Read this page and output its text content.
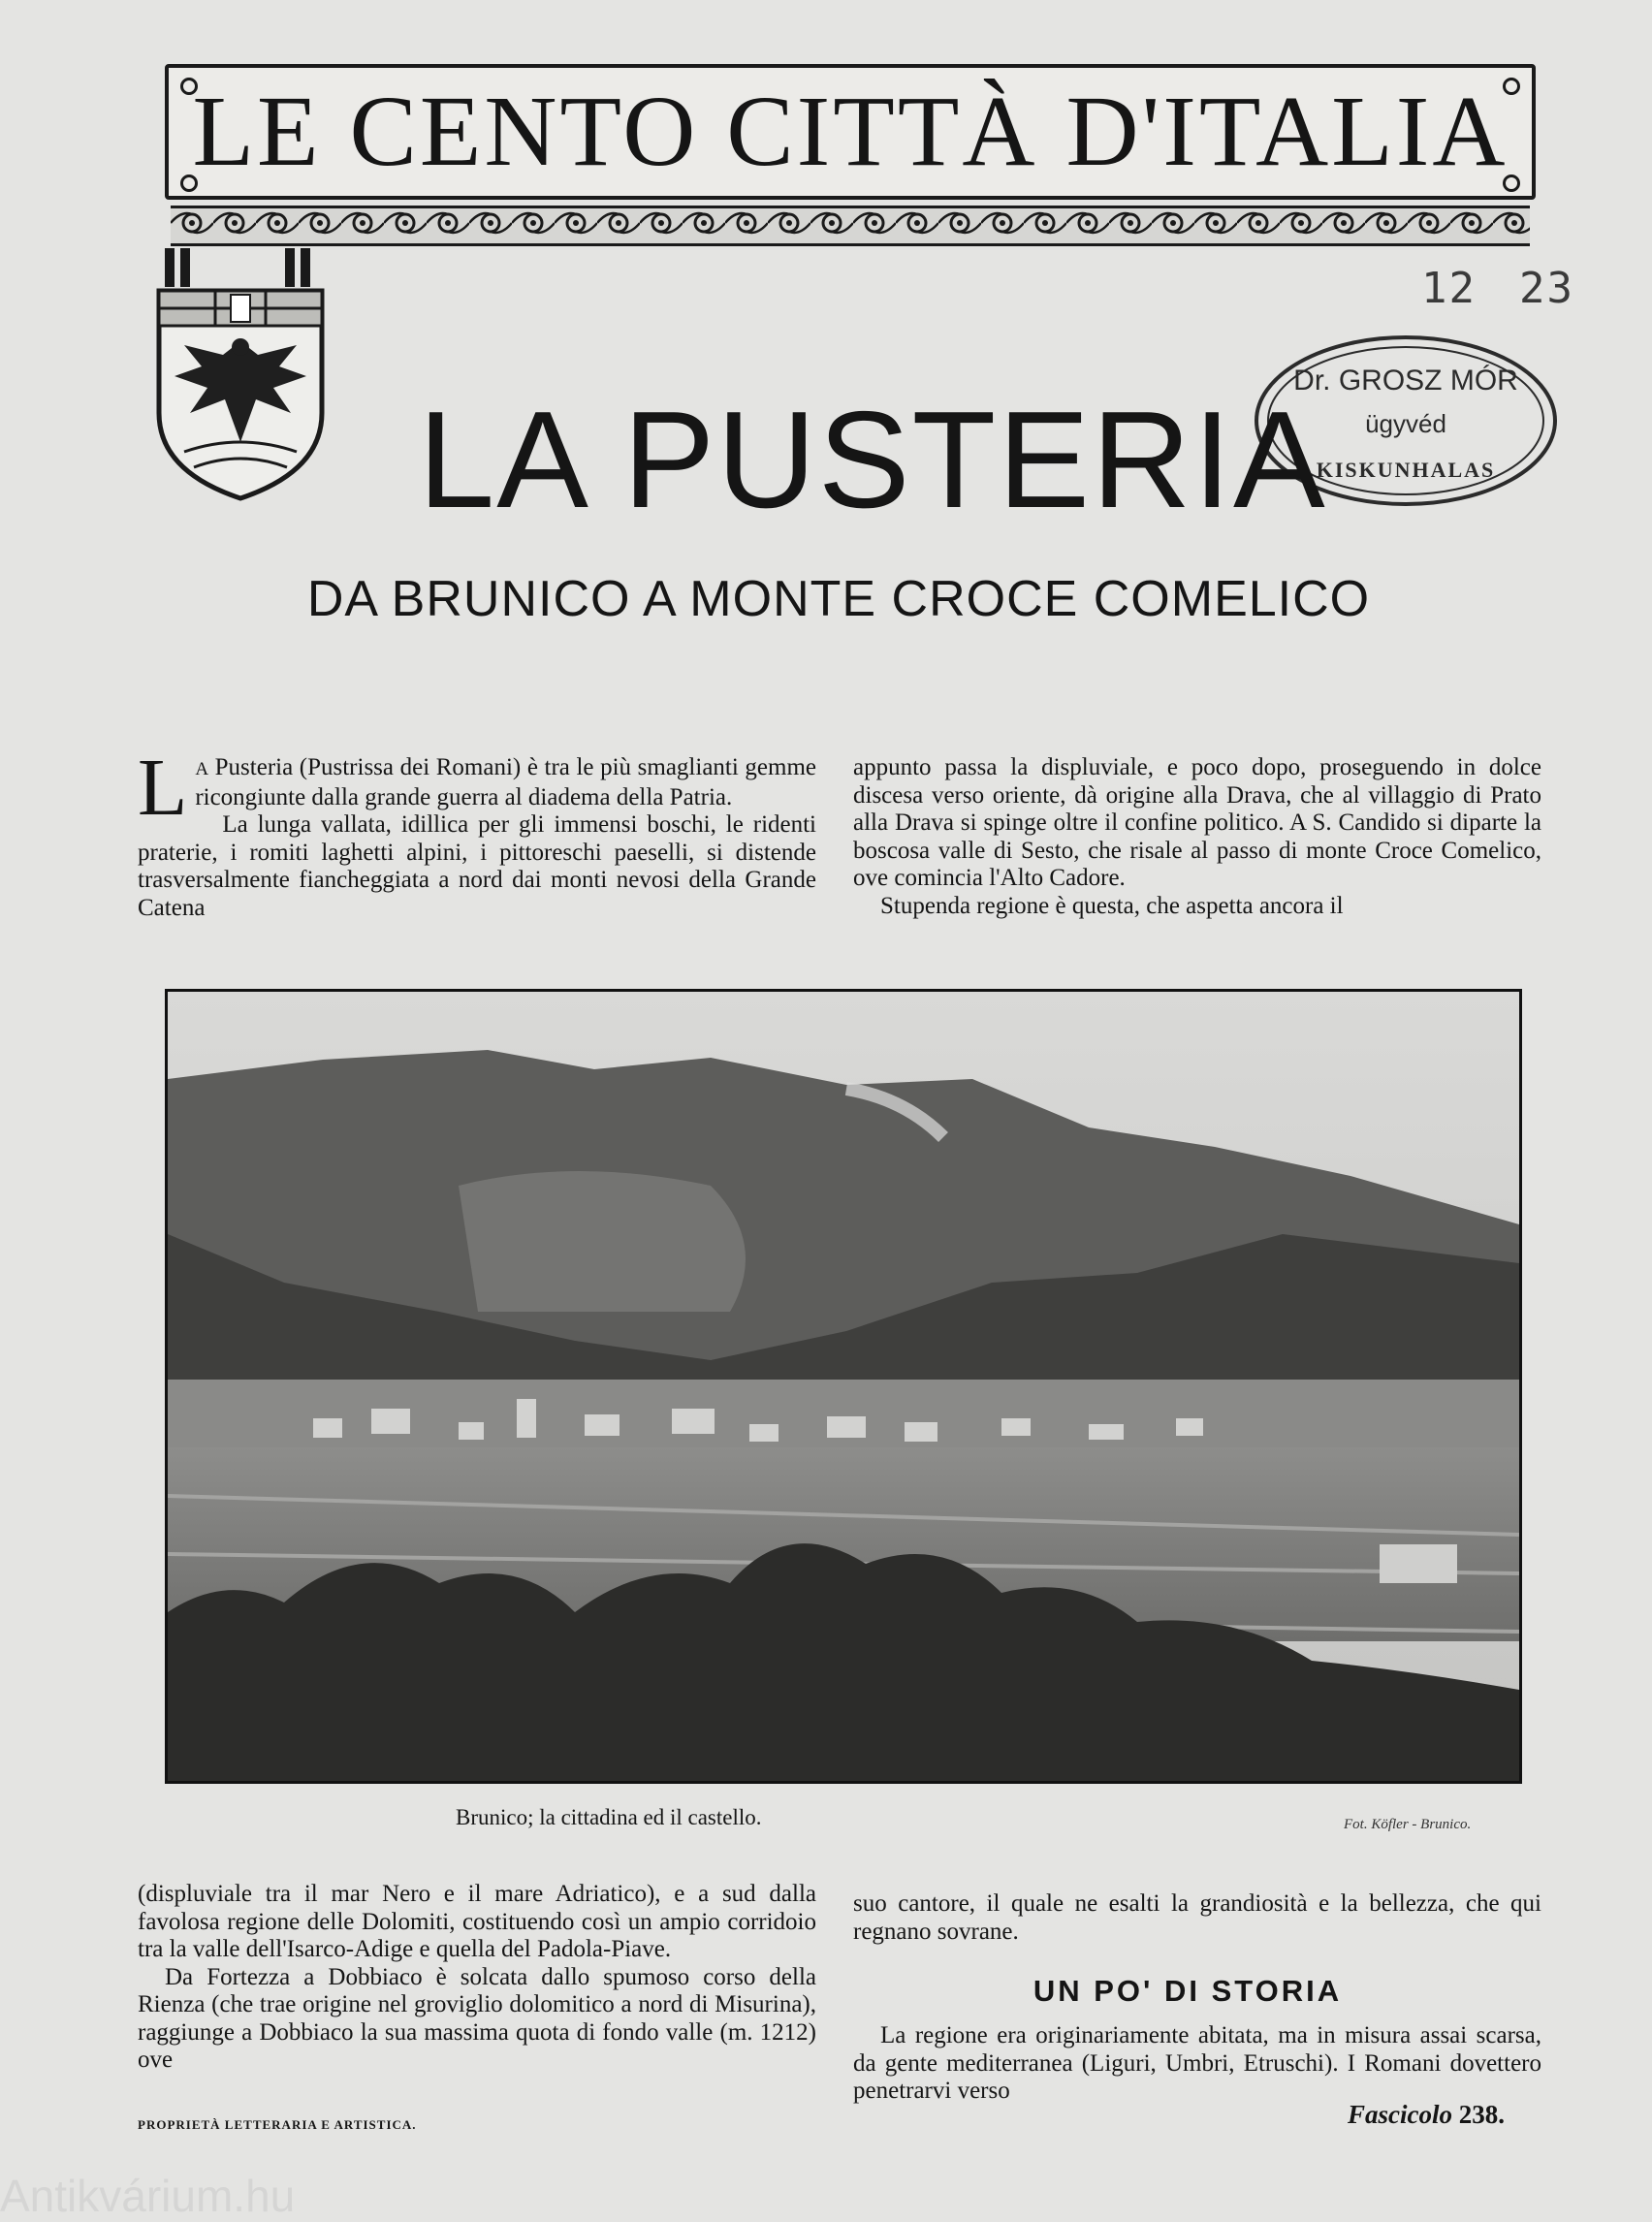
LE CENTO CITTÀ D'ITALIA
12 23
Dr. GROSZ MÓR
ügyvéd
KISKUNHALAS
LA PUSTERIA
DA BRUNICO A MONTE CROCE COMELICO

L A Pusteria (Pustrissa dei Romani) è tra le più smaglianti gemme ricongiunte dalla grande guerra al diadema della Patria.

La lunga vallata, idillica per gli immensi boschi, le ridenti praterie, i romiti laghetti alpini, i pittoreschi paeselli, si distende trasversalmente fiancheggiata a nord dai monti nevosi della Grande Catena

appunto passa la displuviale, e poco dopo, proseguendo in dolce discesa verso oriente, dà origine alla Drava, che al villaggio di Prato alla Drava si spinge oltre il confine politico. A S. Candido si diparte la boscosa valle di Sesto, che risale al passo di monte Croce Comelico, ove comincia l'Alto Cadore.

Stupenda regione è questa, che aspetta ancora il

Brunico; la cittadina ed il castello.	Fot. Köfler - Brunico.

(displuviale tra il mar Nero e il mare Adriatico), e a sud dalla favolosa regione delle Dolomiti, costituendo così un ampio corridoio tra la valle dell'Isarco-Adige e quella del Padola-Piave.

Da Fortezza a Dobbiaco è solcata dallo spumoso corso della Rienza (che trae origine nel groviglio dolomitico a nord di Misurina), raggiunge a Dobbiaco la sua massima quota di fondo valle (m. 1212) ove

suo cantore, il quale ne esalti la grandiosità e la bellezza, che qui regnano sovrane.

UN PO' DI STORIA

La regione era originariamente abitata, ma in misura assai scarsa, da gente mediterranea (Liguri, Umbri, Etruschi). I Romani dovettero penetrarvi verso

PROPRIETÀ LETTERARIA E ARTISTICA.	Fascicolo 238.
Antikvárium.hu
